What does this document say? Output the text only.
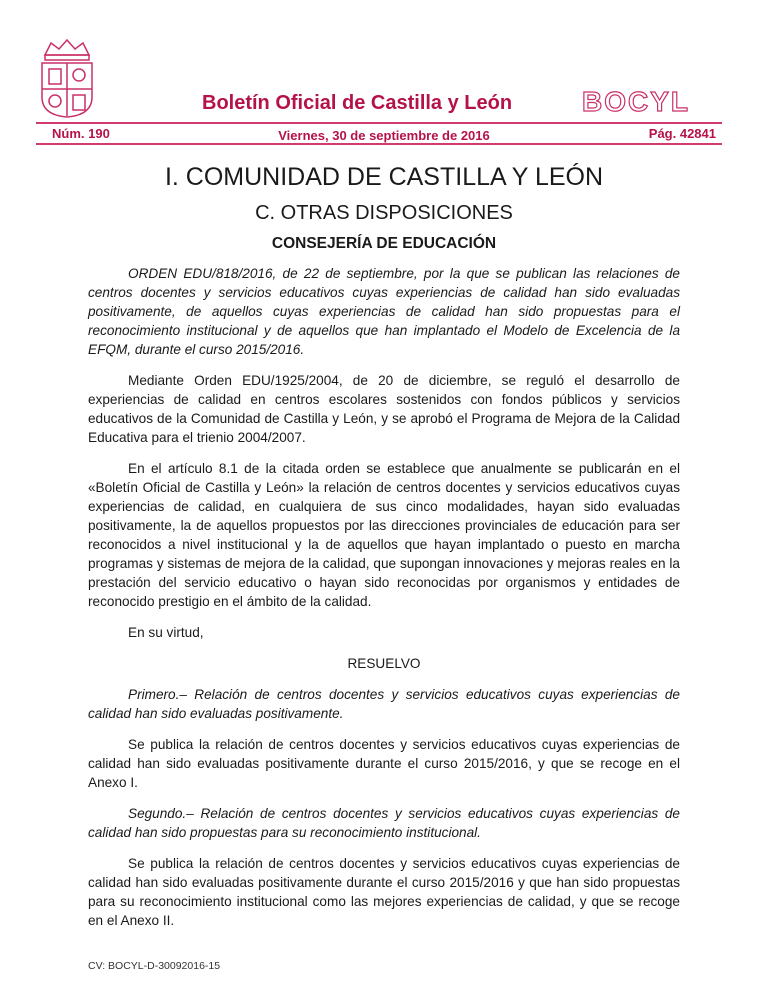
Boletín Oficial de Castilla y León BOCYL
Núm. 190	Viernes, 30 de septiembre de 2016	Pág. 42841
I. COMUNIDAD DE CASTILLA Y LEÓN
C. OTRAS DISPOSICIONES
CONSEJERÍA DE EDUCACIÓN

ORDEN EDU/818/2016, de 22 de septiembre, por la que se publican las relaciones de centros docentes y servicios educativos cuyas experiencias de calidad han sido evaluadas positivamente, de aquellos cuyas experiencias de calidad han sido propuestas para el reconocimiento institucional y de aquellos que han implantado el Modelo de Excelencia de la EFQM, durante el curso 2015/2016.

Mediante Orden EDU/1925/2004, de 20 de diciembre, se reguló el desarrollo de experiencias de calidad en centros escolares sostenidos con fondos públicos y servicios educativos de la Comunidad de Castilla y León, y se aprobó el Programa de Mejora de la Calidad Educativa para el trienio 2004/2007.

En el artículo 8.1 de la citada orden se establece que anualmente se publicarán en el «Boletín Oficial de Castilla y León» la relación de centros docentes y servicios educativos cuyas experiencias de calidad, en cualquiera de sus cinco modalidades, hayan sido evaluadas positivamente, la de aquellos propuestos por las direcciones provinciales de educación para ser reconocidos a nivel institucional y la de aquellos que hayan implantado o puesto en marcha programas y sistemas de mejora de la calidad, que supongan innovaciones y mejoras reales en la prestación del servicio educativo o hayan sido reconocidas por organismos y entidades de reconocido prestigio en el ámbito de la calidad.

En su virtud,

RESUELVO

Primero.– Relación de centros docentes y servicios educativos cuyas experiencias de calidad han sido evaluadas positivamente.

Se publica la relación de centros docentes y servicios educativos cuyas experiencias de calidad han sido evaluadas positivamente durante el curso 2015/2016, y que se recoge en el Anexo I.

Segundo.– Relación de centros docentes y servicios educativos cuyas experiencias de calidad han sido propuestas para su reconocimiento institucional.

Se publica la relación de centros docentes y servicios educativos cuyas experiencias de calidad han sido evaluadas positivamente durante el curso 2015/2016 y que han sido propuestas para su reconocimiento institucional como las mejores experiencias de calidad, y que se recoge en el Anexo II.

CV: BOCYL-D-30092016-15
